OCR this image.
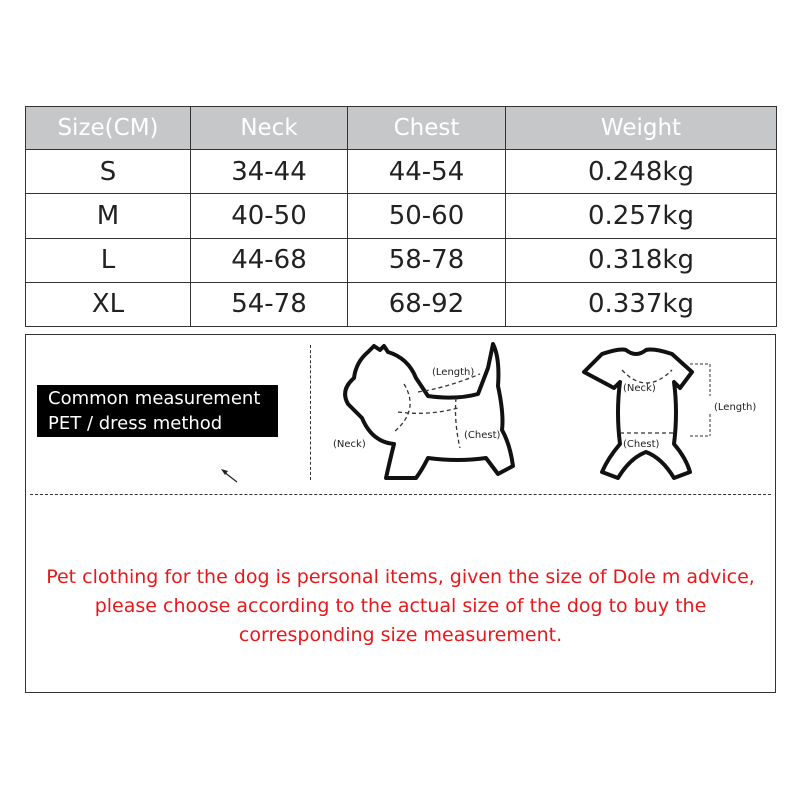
Size(CM)	Neck	Chest	Weight
S	34-44	44-54	0.248kg
M	40-50	50-60	0.257kg
L	44-68	58-78	0.318kg
XL	54-78	68-92	0.337kg
Common measurement
PET / dress method
(Length)
(Neck)
(Chest)
(Neck)
(Length)
(Chest)
Pet clothing for the dog is personal items, given the size of Dole m advice,
please choose according to the actual size of the dog to buy the
corresponding size measurement.
